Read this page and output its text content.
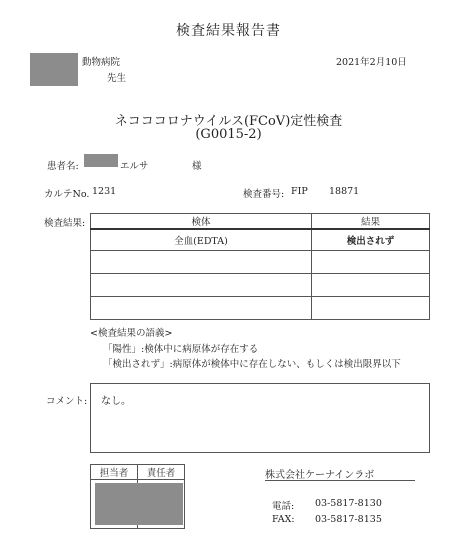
検査結果報告書
動物病院
先生
2021年2月10日
ネコココロナウイルス(FCoV)定性検査
(G0015-2)
患者名:	エルサ	様
カルテNo. 1231	検査番号: FIP 18871
検査結果:	検体	結果
全血(EDTA)	検出されず

<検査結果の語義>
「陽性」:検体中に病原体が存在する
「検出されず」:病原体が検体中に存在しない、もしくは検出限界以下
コメント:	なし。
担当者	責任者
		株式会社ケーナインラボ
電話: 03-5817-8130
FAX: 03-5817-8135
